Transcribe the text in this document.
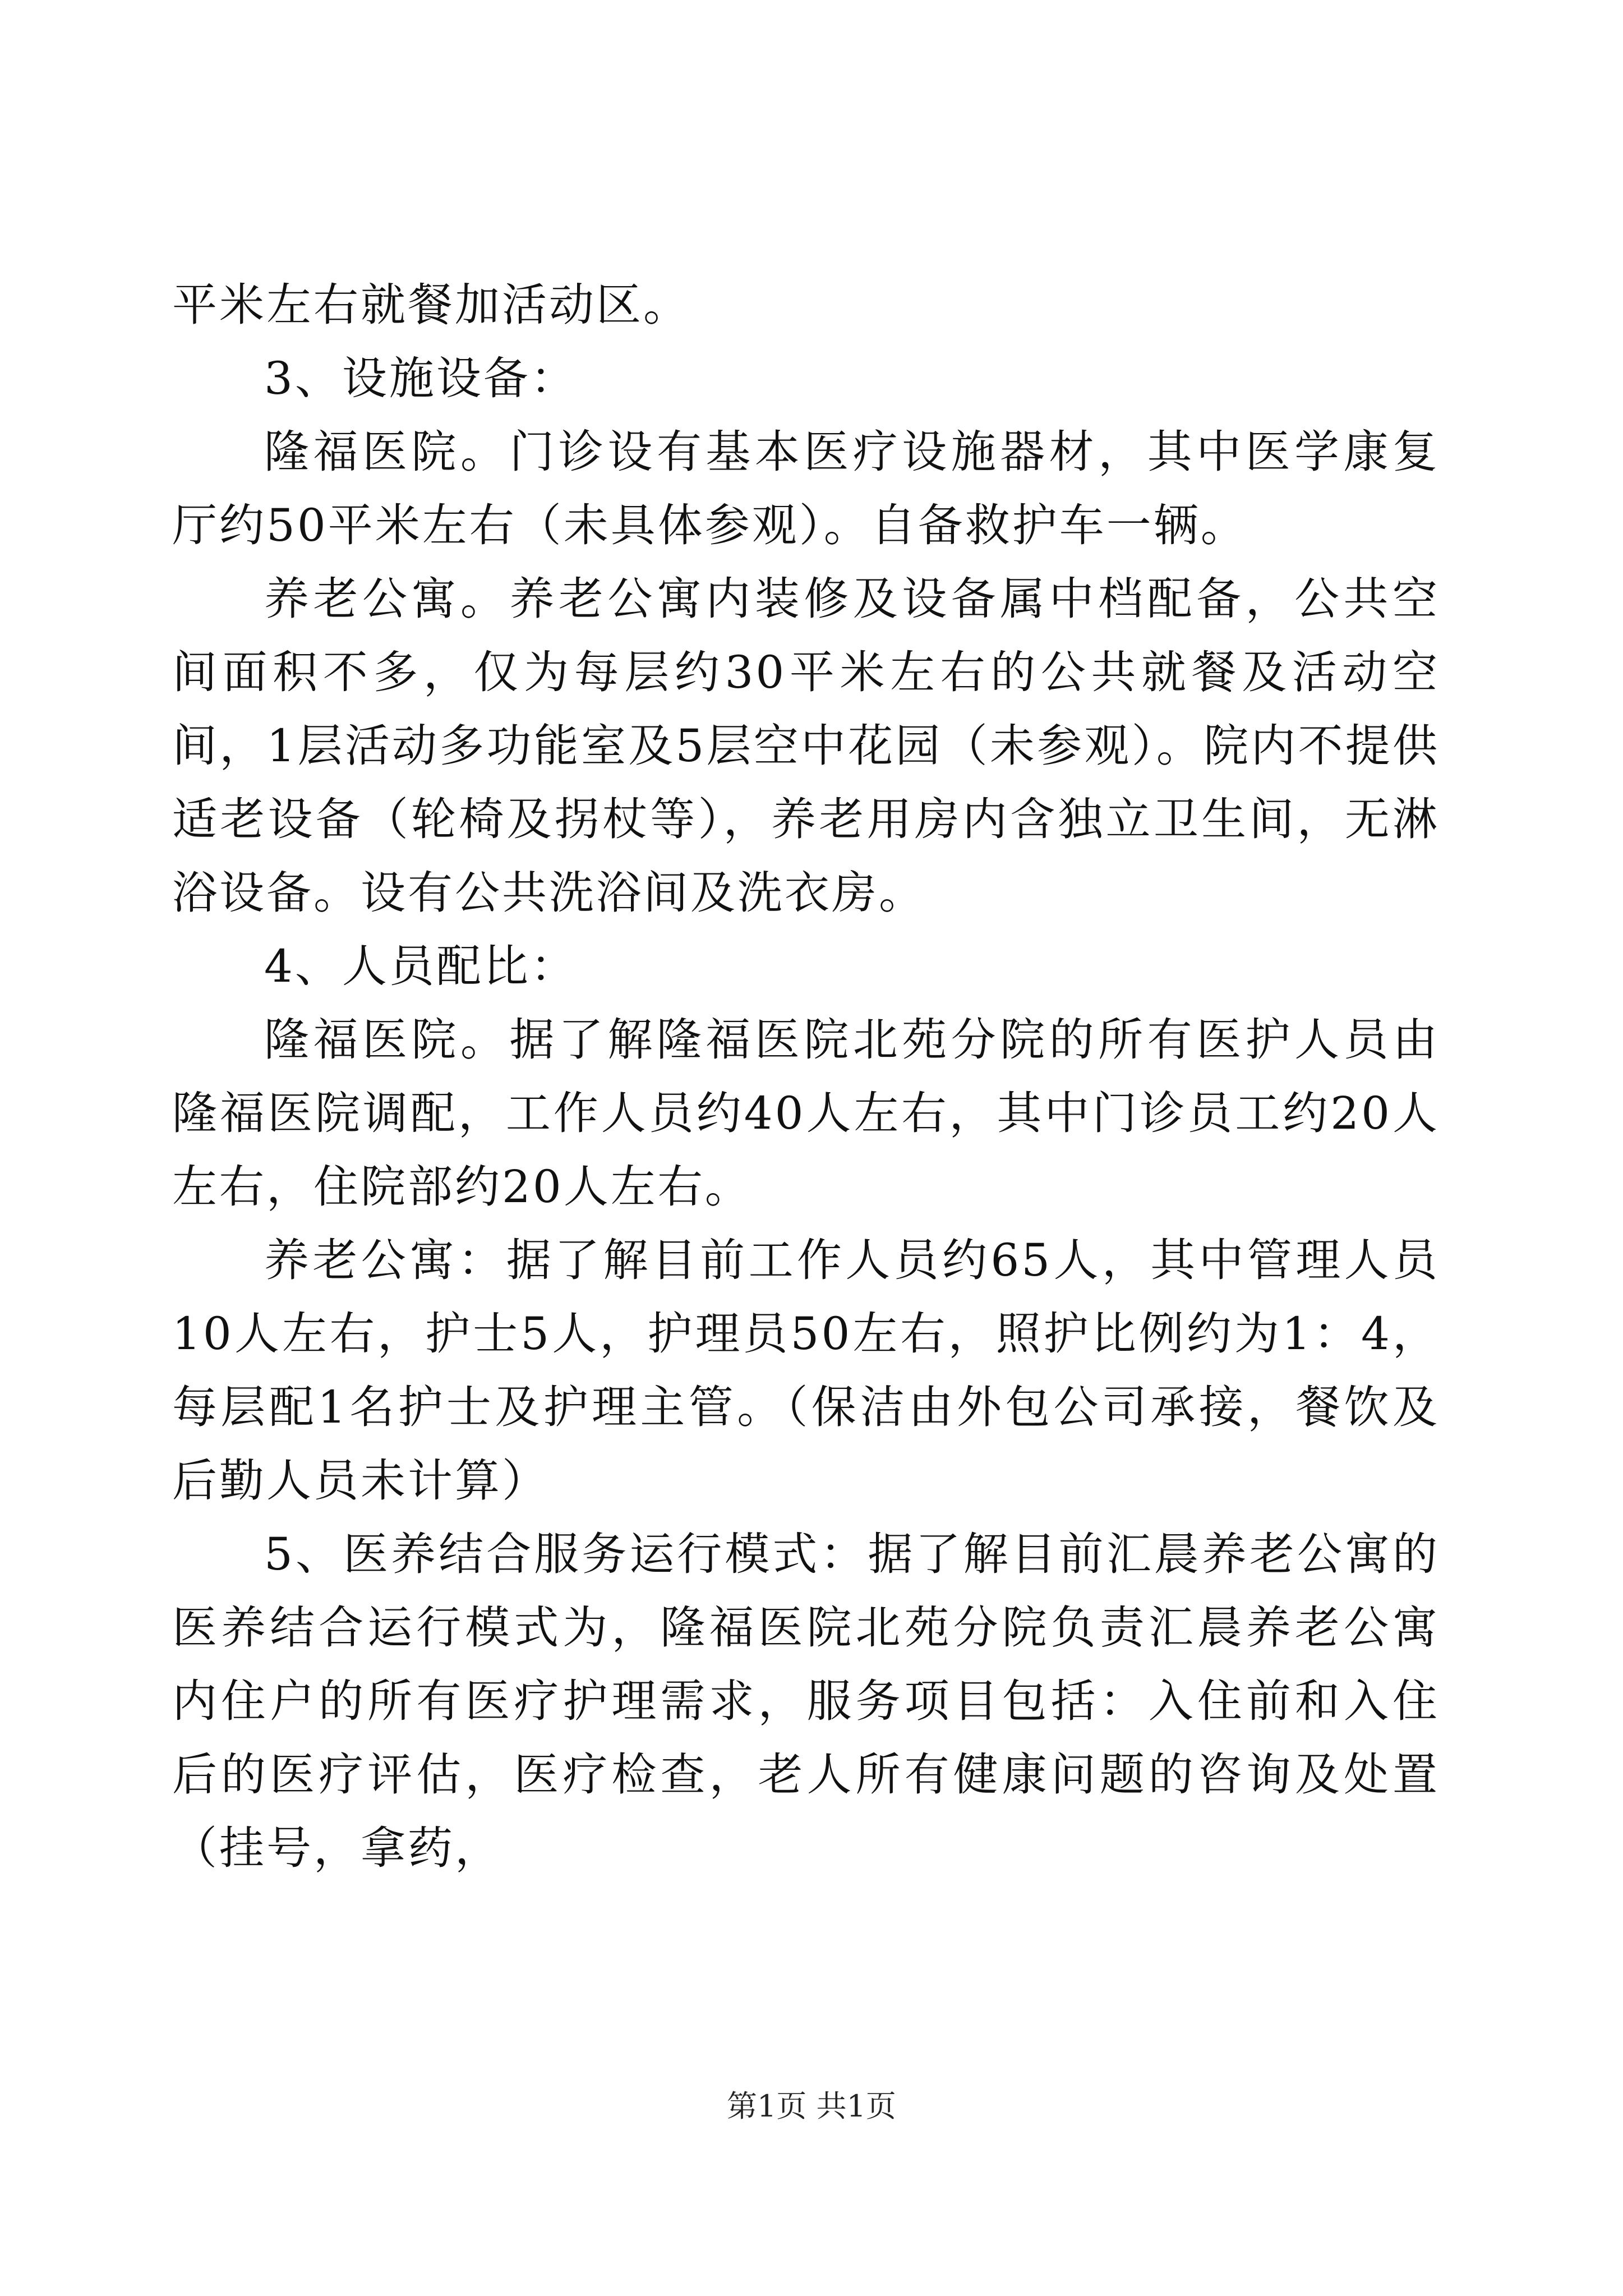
平米左右就餐加活动区。

3、设施设备：

隆福医院。门诊设有基本医疗设施器材，其中医学康复厅约50平米左右（未具体参观）。自备救护车一辆。

养老公寓。养老公寓内装修及设备属中档配备，公共空间面积不多，仅为每层约30平米左右的公共就餐及活动空间，1层活动多功能室及5层空中花园（未参观）。院内不提供适老设备（轮椅及拐杖等），养老用房内含独立卫生间，无淋浴设备。设有公共洗浴间及洗衣房。

4、人员配比：

隆福医院。据了解隆福医院北苑分院的所有医护人员由隆福医院调配，工作人员约40人左右，其中门诊员工约20人左右，住院部约20人左右。

养老公寓：据了解目前工作人员约65人，其中管理人员10人左右，护士5人，护理员50左右，照护比例约为1：4，每层配1名护士及护理主管。（保洁由外包公司承接，餐饮及后勤人员未计算）

5、医养结合服务运行模式：据了解目前汇晨养老公寓的医养结合运行模式为，隆福医院北苑分院负责汇晨养老公寓内住户的所有医疗护理需求，服务项目包括：入住前和入住后的医疗评估，医疗检查，老人所有健康问题的咨询及处置（挂号，拿药，

第1页 共1页
